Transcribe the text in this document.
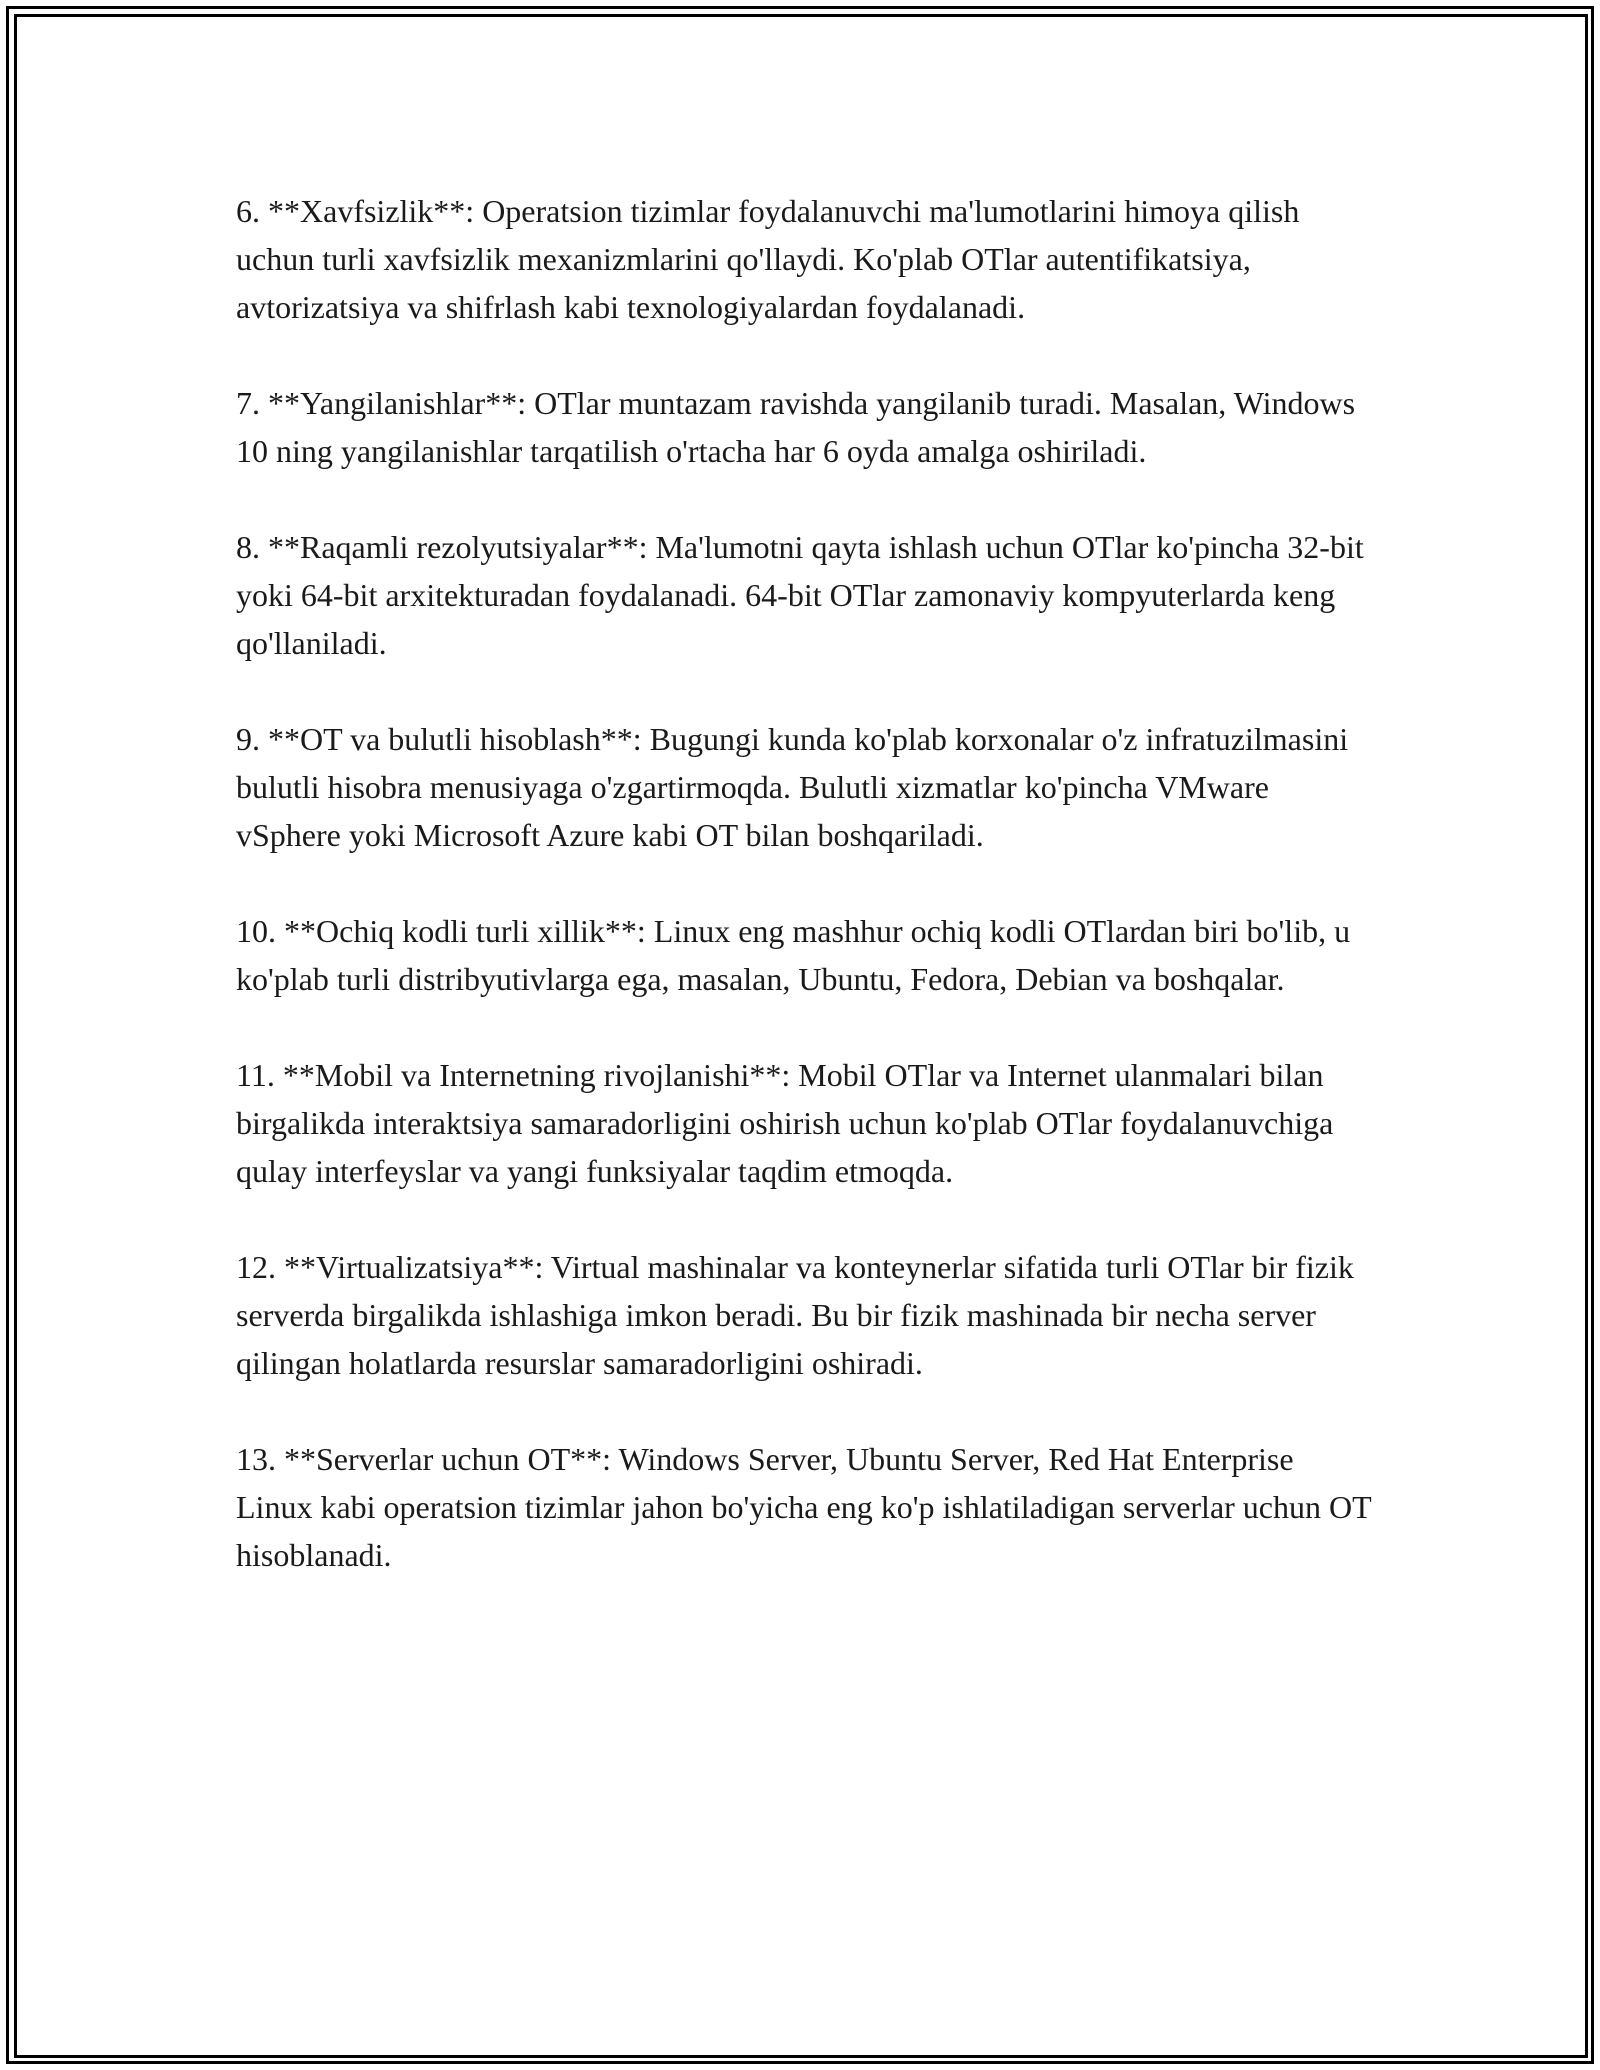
6. **Xavfsizlik**: Operatsion tizimlar foydalanuvchi ma'lumotlarini himoya qilish uchun turli xavfsizlik mexanizmlarini qo'llaydi. Ko'plab OTlar autentifikatsiya, avtorizatsiya va shifrlash kabi texnologiyalardan foydalanadi.

7. **Yangilanishlar**: OTlar muntazam ravishda yangilanib turadi. Masalan, Windows 10 ning yangilanishlar tarqatilish o'rtacha har 6 oyda amalga oshiriladi.

8. **Raqamli rezolyutsiyalar**: Ma'lumotni qayta ishlash uchun OTlar ko'pincha 32-bit yoki 64-bit arxitekturadan foydalanadi. 64-bit OTlar zamonaviy kompyuterlarda keng qo'llaniladi.

9. **OT va bulutli hisoblash**: Bugungi kunda ko'plab korxonalar o'z infratuzilmasini bulutli hisobra menusiyaga o'zgartirmoqda. Bulutli xizmatlar ko'pincha VMware vSphere yoki Microsoft Azure kabi OT bilan boshqariladi.

10. **Ochiq kodli turli xillik**: Linux eng mashhur ochiq kodli OTlardan biri bo'lib, u ko'plab turli distribyutivlarga ega, masalan, Ubuntu, Fedora, Debian va boshqalar.

11. **Mobil va Internetning rivojlanishi**: Mobil OTlar va Internet ulanmalari bilan birgalikda interaktsiya samaradorligini oshirish uchun ko'plab OTlar foydalanuvchiga qulay interfeyslar va yangi funksiyalar taqdim etmoqda.

12. **Virtualizatsiya**: Virtual mashinalar va konteynerlar sifatida turli OTlar bir fizik serverda birgalikda ishlashiga imkon beradi. Bu bir fizik mashinada bir necha server qilingan holatlarda resurslar samaradorligini oshiradi.

13. **Serverlar uchun OT**: Windows Server, Ubuntu Server, Red Hat Enterprise Linux kabi operatsion tizimlar jahon bo'yicha eng ko'p ishlatiladigan serverlar uchun OT hisoblanadi.
